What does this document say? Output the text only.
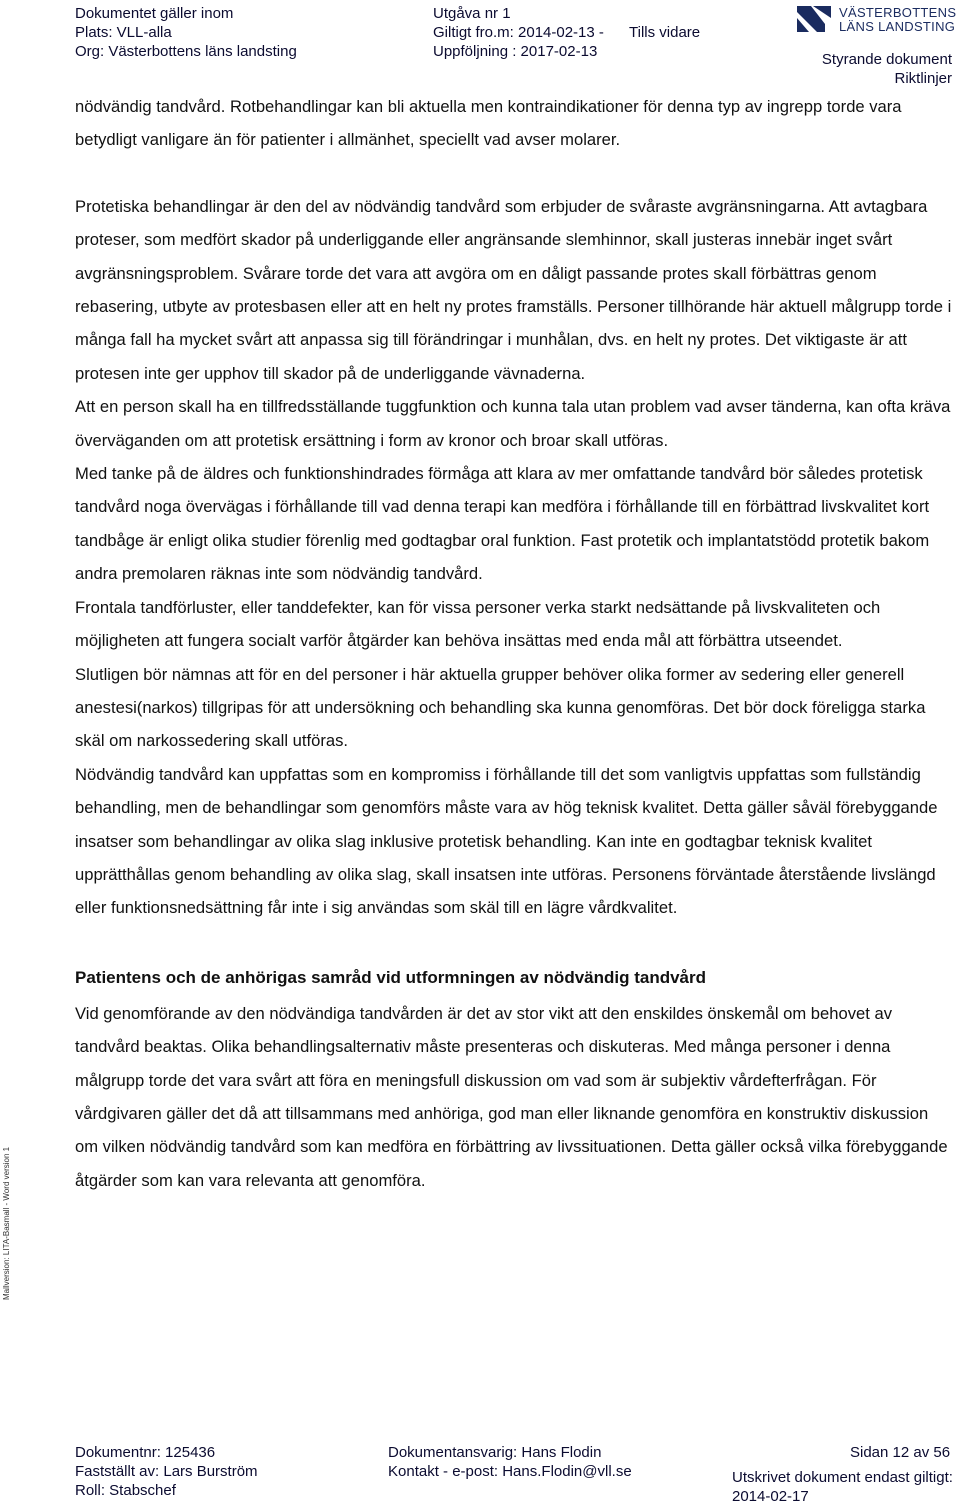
Dokumentet gäller inom
Plats: VLL-alla
Org: Västerbottens läns landsting
Utgåva nr 1
Giltigt fro.m: 2014-02-13 -
Uppföljning : 2017-02-13
Tills vidare
VÄSTERBOTTENS
LÄNS LANDSTING
Styrande dokument
Riktlinjer

nödvändig tandvård. Rotbehandlingar kan bli aktuella men kontraindikationer för denna typ av ingrepp torde vara betydligt vanligare än för patienter i allmänhet, speciellt vad avser molarer.

Protetiska behandlingar är den del av nödvändig tandvård som erbjuder de svåraste avgränsningarna. Att avtagbara proteser, som medfört skador på underliggande eller angränsande slemhinnor, skall justeras innebär inget svårt avgränsningsproblem. Svårare torde det vara att avgöra om en dåligt passande protes skall förbättras genom rebasering, utbyte av protesbasen eller att en helt ny protes framställs. Personer tillhörande här aktuell målgrupp torde i många fall ha mycket svårt att anpassa sig till förändringar i munhålan, dvs. en helt ny protes. Det viktigaste är att protesen inte ger upphov till skador på de underliggande vävnaderna.

Att en person skall ha en tillfredsställande tuggfunktion och kunna tala utan problem vad avser tänderna, kan ofta kräva överväganden om att protetisk ersättning i form av kronor och broar skall utföras.

Med tanke på de äldres och funktionshindrades förmåga att klara av mer omfattande tandvård bör således protetisk tandvård noga övervägas i förhållande till vad denna terapi kan medföra i förhållande till en förbättrad livskvalitet kort tandbåge är enligt olika studier förenlig med godtagbar oral funktion. Fast protetik och implantatstödd protetik bakom andra premolaren räknas inte som nödvändig tandvård.

Frontala tandförluster, eller tanddefekter, kan för vissa personer verka starkt nedsättande på livskvaliteten och möjligheten att fungera socialt varför åtgärder kan behöva insättas med enda mål att förbättra utseendet.

Slutligen bör nämnas att för en del personer i här aktuella grupper behöver olika former av sedering eller generell anestesi(narkos) tillgripas för att undersökning och behandling ska kunna genomföras. Det bör dock föreligga starka skäl om narkossedering skall utföras.

Nödvändig tandvård kan uppfattas som en kompromiss i förhållande till det som vanligtvis uppfattas som fullständig behandling, men de behandlingar som genomförs måste vara av hög teknisk kvalitet. Detta gäller såväl förebyggande insatser som behandlingar av olika slag inklusive protetisk behandling. Kan inte en godtagbar teknisk kvalitet upprätthållas genom behandling av olika slag, skall insatsen inte utföras. Personens förväntade återstående livslängd eller funktionsnedsättning får inte i sig användas som skäl till en lägre vårdkvalitet.

Patientens och de anhörigas samråd vid utformningen av nödvändig tandvård

Vid genomförande av den nödvändiga tandvården är det av stor vikt att den enskildes önskemål om behovet av tandvård beaktas. Olika behandlingsalternativ måste presenteras och diskuteras. Med många personer i denna målgrupp torde det vara svårt att föra en meningsfull diskussion om vad som är subjektiv vårdefterfrågan. För vårdgivaren gäller det då att tillsammans med anhöriga, god man eller liknande genomföra en konstruktiv diskussion om vilken nödvändig tandvård som kan medföra en förbättring av livssituationen. Detta gäller också vilka förebyggande åtgärder som kan vara relevanta att genomföra.

Mallversion: LITA-Basmall - Word version 1
Dokumentnr: 125436
Fastställt av: Lars Burström
Roll: Stabschef
Dokumentansvarig: Hans Flodin
Kontakt - e-post: Hans.Flodin@vll.se
Sidan 12 av 56
Utskrivet dokument endast giltigt:
2014-02-17
